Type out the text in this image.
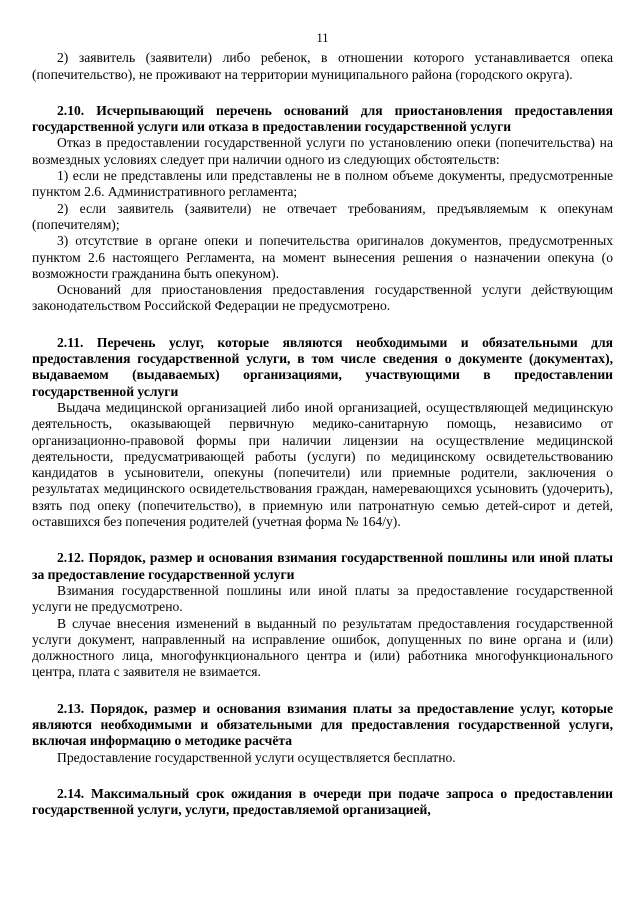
11

2) заявитель (заявители) либо ребенок, в отношении которого устанавливается опека (попечительство), не проживают на территории муниципального района (городского округа).

2.10. Исчерпывающий перечень оснований для приостановления предоставления государственной услуги или отказа в предоставлении государственной услуги

Отказ в предоставлении государственной услуги по установлению опеки (попечительства) на возмездных условиях следует при наличии одного из следующих обстоятельств:

1) если не представлены или представлены не в полном объеме документы, предусмотренные пунктом 2.6. Административного регламента;

2) если заявитель (заявители) не отвечает требованиям, предъявляемым к опекунам (попечителям);

3) отсутствие в органе опеки и попечительства оригиналов документов, предусмотренных пунктом 2.6 настоящего Регламента, на момент вынесения решения о назначении опекуна (о возможности гражданина быть опекуном).

Оснований для приостановления предоставления государственной услуги действующим законодательством Российской Федерации не предусмотрено.

2.11. Перечень услуг, которые являются необходимыми и обязательными для предоставления государственной услуги, в том числе сведения о документе (документах), выдаваемом (выдаваемых) организациями, участвующими в предоставлении государственной услуги

Выдача медицинской организацией либо иной организацией, осуществляющей медицинскую деятельность, оказывающей первичную медико-санитарную помощь, независимо от организационно-правовой формы при наличии лицензии на осуществление медицинской деятельности, предусматривающей работы (услуги) по медицинскому освидетельствованию кандидатов в усыновители, опекуны (попечители) или приемные родители, заключения о результатах медицинского освидетельствования граждан, намеревающихся усыновить (удочерить), взять под опеку (попечительство), в приемную или патронатную семью детей-сирот и детей, оставшихся без попечения родителей (учетная форма № 164/у).

2.12. Порядок, размер и основания взимания государственной пошлины или иной платы за предоставление государственной услуги

Взимания государственной пошлины или иной платы за предоставление государственной услуги не предусмотрено.

В случае внесения изменений в выданный по результатам предоставления государственной услуги документ, направленный на исправление ошибок, допущенных по вине органа и (или) должностного лица, многофункционального центра и (или) работника многофункционального центра, плата с заявителя не взимается.

2.13. Порядок, размер и основания взимания платы за предоставление услуг, которые являются необходимыми и обязательными для предоставления государственной услуги, включая информацию о методике расчёта

Предоставление государственной услуги осуществляется бесплатно.

2.14. Максимальный срок ожидания в очереди при подаче запроса о предоставлении государственной услуги, услуги, предоставляемой организацией,
